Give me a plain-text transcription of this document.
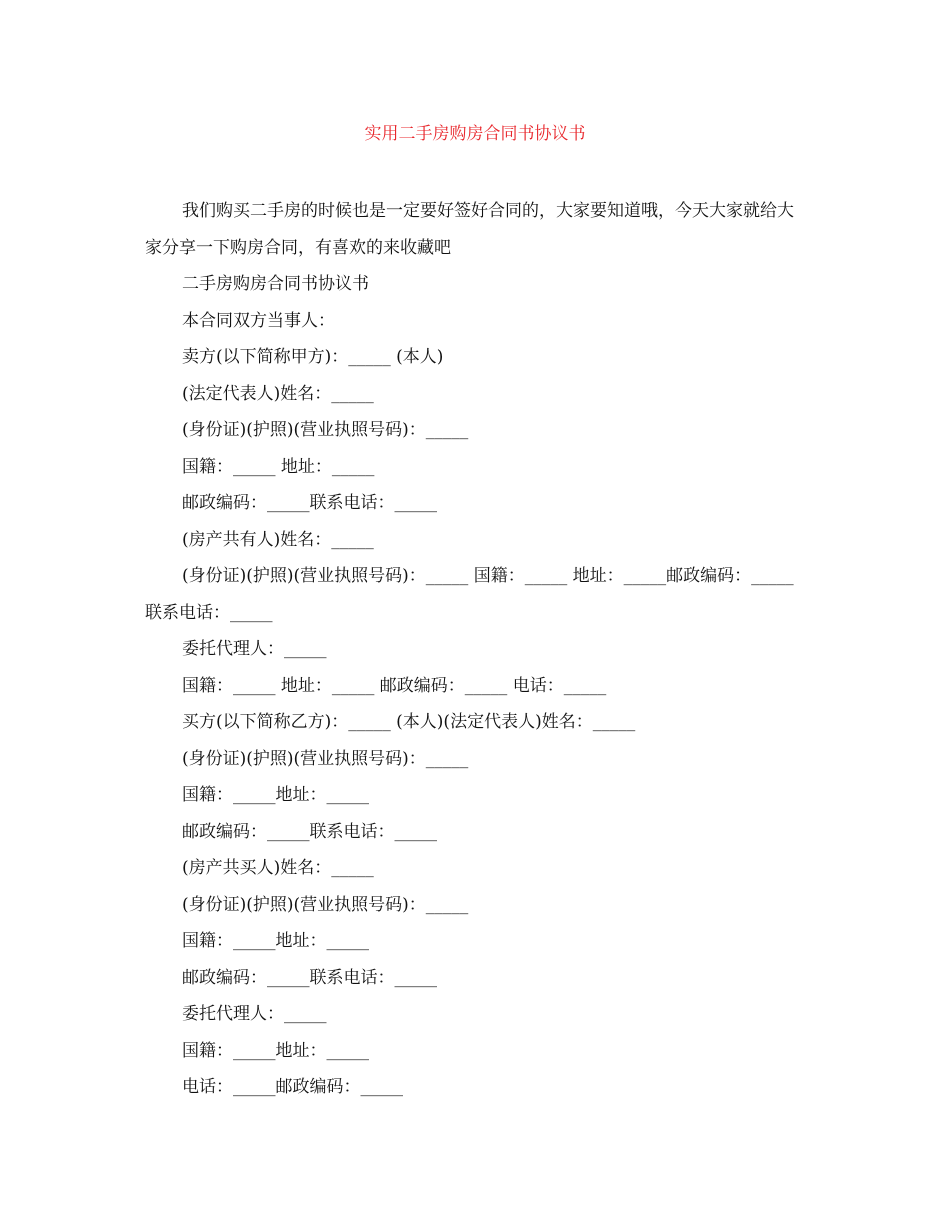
实用二手房购房合同书协议书

我们购买二手房的时候也是一定要好签好合同的，大家要知道哦，今天大家就给大家分享一下购房合同，有喜欢的来收藏吧

二手房购房合同书协议书

本合同双方当事人：

卖方(以下简称甲方)：_____ (本人)

(法定代表人)姓名：_____

(身份证)(护照)(营业执照号码)：_____

国籍：_____ 地址：_____

邮政编码：_____联系电话：_____

(房产共有人)姓名：_____

(身份证)(护照)(营业执照号码)：_____ 国籍：_____ 地址：_____邮政编码：_____联系电话：_____

委托代理人：_____

国籍：_____ 地址：_____ 邮政编码：_____ 电话：_____

买方(以下简称乙方)：_____ (本人)(法定代表人)姓名：_____

(身份证)(护照)(营业执照号码)：_____

国籍：_____地址：_____

邮政编码：_____联系电话：_____

(房产共买人)姓名：_____

(身份证)(护照)(营业执照号码)：_____

国籍：_____地址：_____

邮政编码：_____联系电话：_____

委托代理人：_____

国籍：_____地址：_____

电话：_____邮政编码：_____
